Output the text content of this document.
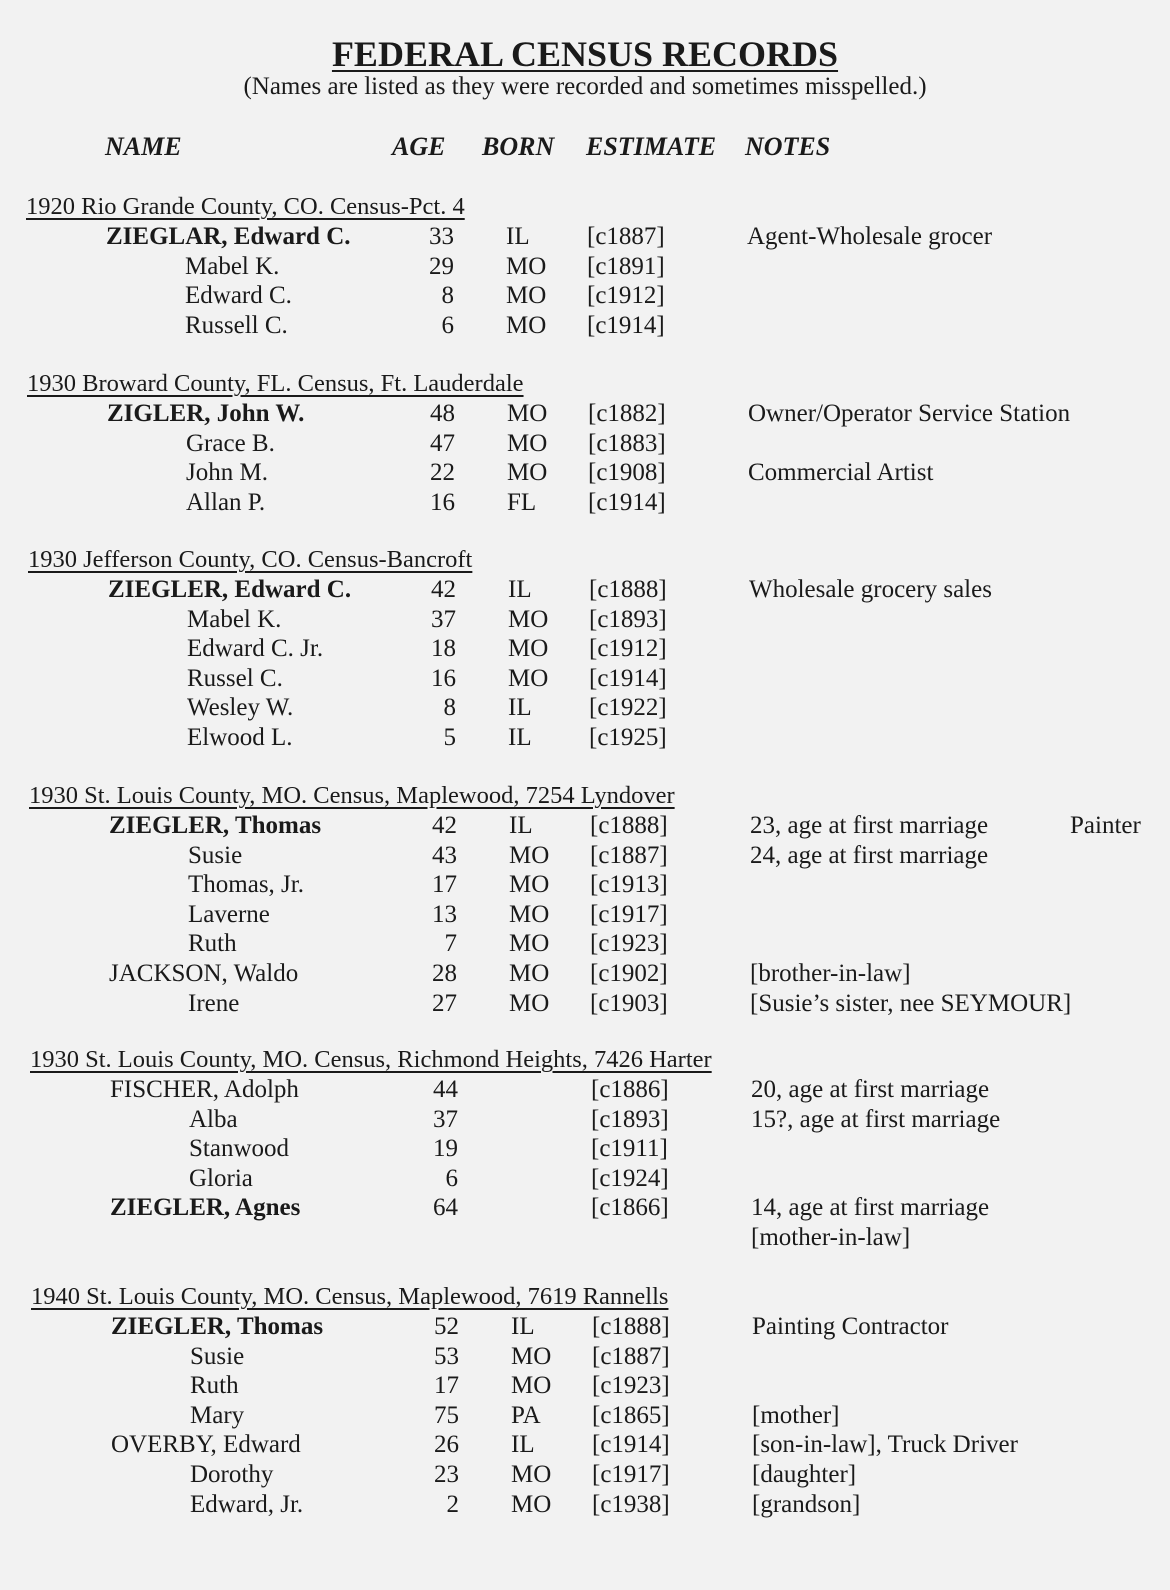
FEDERAL CENSUS RECORDS
(Names are listed as they were recorded and sometimes misspelled.)
NAME	AGE BORN ESTIMATE NOTES
1920 Rio Grande County, CO. Census-Pct. 4
ZIEGLAR, Edward C.	33 IL [c1887]	Agent-Wholesale grocer
Mabel K.	29 MO [c1891]
Edward C.	8 MO [c1912]
Russell C.	6 MO [c1914]
1930 Broward County, FL. Census, Ft. Lauderdale
ZIGLER, John W.	48 MO [c1882]	Owner/Operator Service Station
Grace B.	47 MO [c1883]
John M.	22 MO [c1908]	Commercial Artist
Allan P.	16 FL [c1914]
1930 Jefferson County, CO. Census-Bancroft
ZIEGLER, Edward C.	42 IL [c1888]	Wholesale grocery sales
Mabel K.	37 MO [c1893]
Edward C. Jr.	18 MO [c1912]
Russel C.	16 MO [c1914]
Wesley W.	8 IL [c1922]
Elwood L.	5 IL [c1925]
1930 St. Louis County, MO. Census, Maplewood, 7254 Lyndover
ZIEGLER, Thomas	42 IL [c1888]	23, age at first marriage	Painter
Susie	43 MO [c1887]	24, age at first marriage
Thomas, Jr.	17 MO [c1913]
Laverne	13 MO [c1917]
Ruth	7 MO [c1923]
JACKSON, Waldo	28 MO [c1902]	[brother-in-law]
Irene	27 MO [c1903]	[Susie’s sister, nee SEYMOUR]
1930 St. Louis County, MO. Census, Richmond Heights, 7426 Harter
FISCHER, Adolph	44	[c1886]	20, age at first marriage
Alba	37	[c1893]	15?, age at first marriage
Stanwood	19	[c1911]
Gloria	6	[c1924]
ZIEGLER, Agnes	64	[c1866]	14, age at first marriage
[mother-in-law]
1940 St. Louis County, MO. Census, Maplewood, 7619 Rannells
ZIEGLER, Thomas	52 IL [c1888]	Painting Contractor
Susie	53 MO [c1887]
Ruth	17 MO [c1923]
Mary	75 PA [c1865]	[mother]
OVERBY, Edward	26 IL [c1914]	[son-in-law], Truck Driver
Dorothy	23 MO [c1917]	[daughter]
Edward, Jr.	2 MO [c1938]	[grandson]
